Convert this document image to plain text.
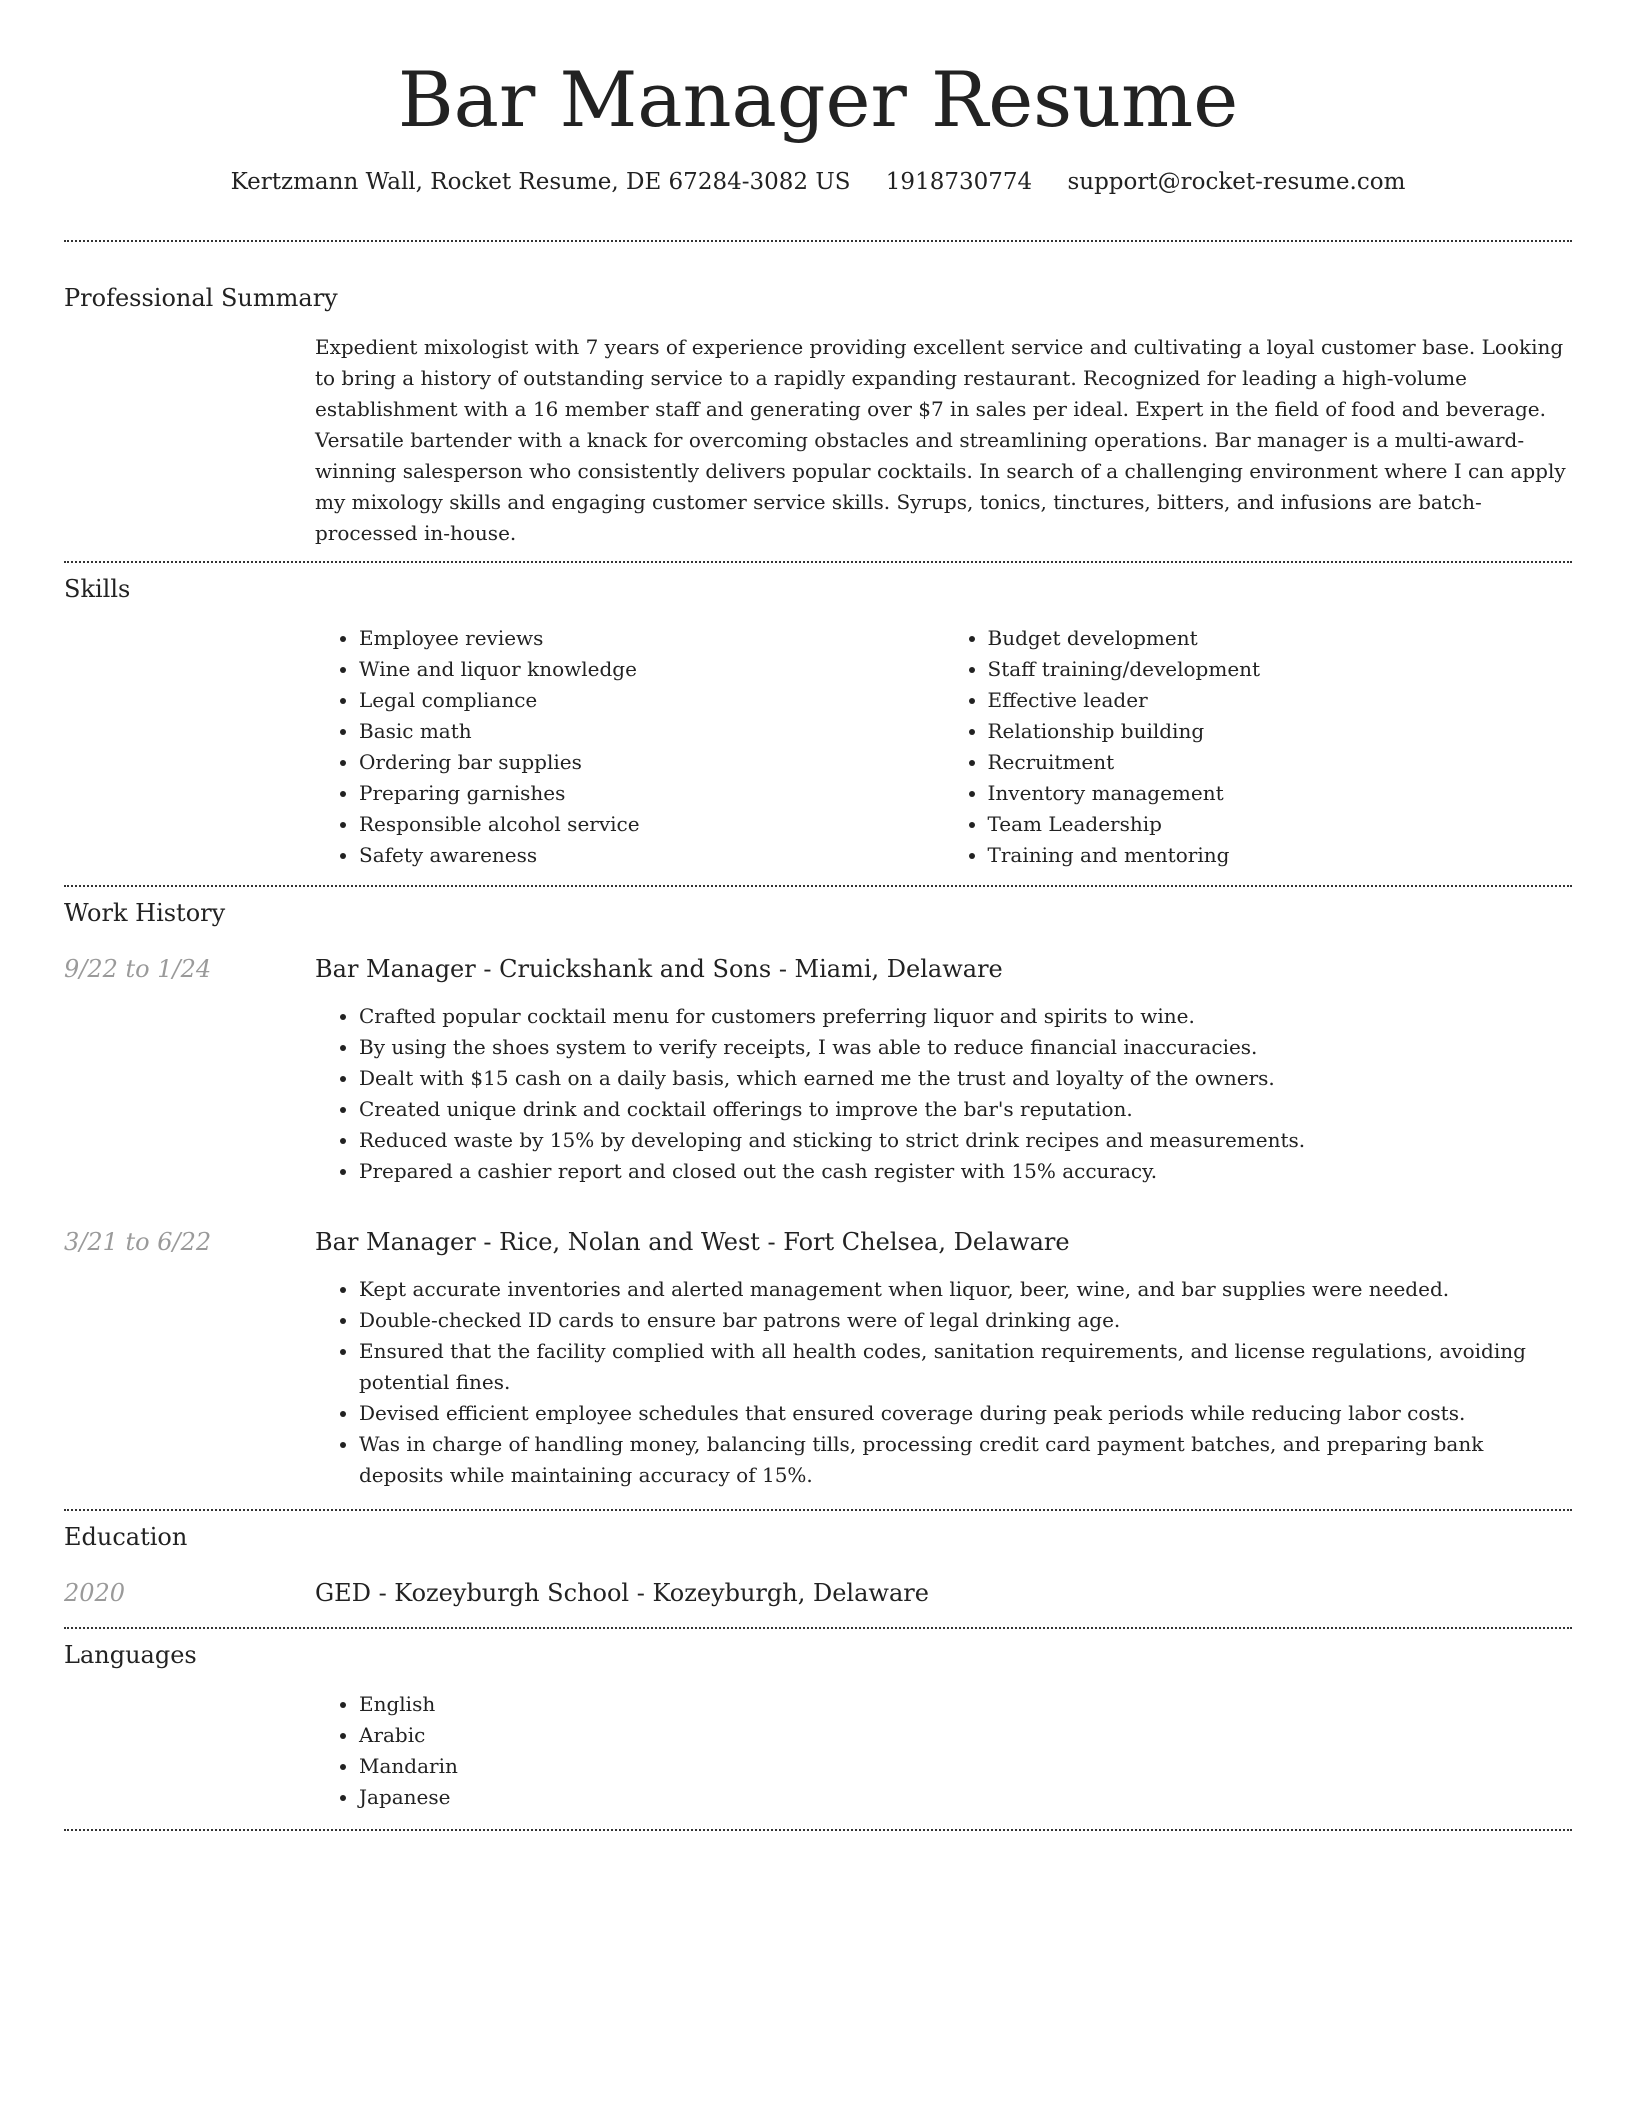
Bar Manager Resume
Kertzmann Wall, Rocket Resume, DE 67284-3082 US 1918730774 support@rocket-resume.com
Professional Summary
Expedient mixologist with 7 years of experience providing excellent service and cultivating a loyal customer base. Looking to bring a history of outstanding service to a rapidly expanding restaurant. Recognized for leading a high-volume establishment with a 16 member staff and generating over $7 in sales per ideal. Expert in the field of food and beverage. Versatile bartender with a knack for overcoming obstacles and streamlining operations. Bar manager is a multi-award-winning salesperson who consistently delivers popular cocktails. In search of a challenging environment where I can apply my mixology skills and engaging customer service skills. Syrups, tonics, tinctures, bitters, and infusions are batch-processed in-house.
Skills
• Employee reviews
• Wine and liquor knowledge
• Legal compliance
• Basic math
• Ordering bar supplies
• Preparing garnishes
• Responsible alcohol service
• Safety awareness
• Budget development
• Staff training/development
• Effective leader
• Relationship building
• Recruitment
• Inventory management
• Team Leadership
• Training and mentoring
Work History
9/22 to 1/24	Bar Manager - Cruickshank and Sons - Miami, Delaware
• Crafted popular cocktail menu for customers preferring liquor and spirits to wine.
• By using the shoes system to verify receipts, I was able to reduce financial inaccuracies.
• Dealt with $15 cash on a daily basis, which earned me the trust and loyalty of the owners.
• Created unique drink and cocktail offerings to improve the bar's reputation.
• Reduced waste by 15% by developing and sticking to strict drink recipes and measurements.
• Prepared a cashier report and closed out the cash register with 15% accuracy.
3/21 to 6/22	Bar Manager - Rice, Nolan and West - Fort Chelsea, Delaware
• Kept accurate inventories and alerted management when liquor, beer, wine, and bar supplies were needed.
• Double-checked ID cards to ensure bar patrons were of legal drinking age.
• Ensured that the facility complied with all health codes, sanitation requirements, and license regulations, avoiding potential fines.
• Devised efficient employee schedules that ensured coverage during peak periods while reducing labor costs.
• Was in charge of handling money, balancing tills, processing credit card payment batches, and preparing bank deposits while maintaining accuracy of 15%.
Education
2020	GED - Kozeyburgh School - Kozeyburgh, Delaware
Languages
• English
• Arabic
• Mandarin
• Japanese
